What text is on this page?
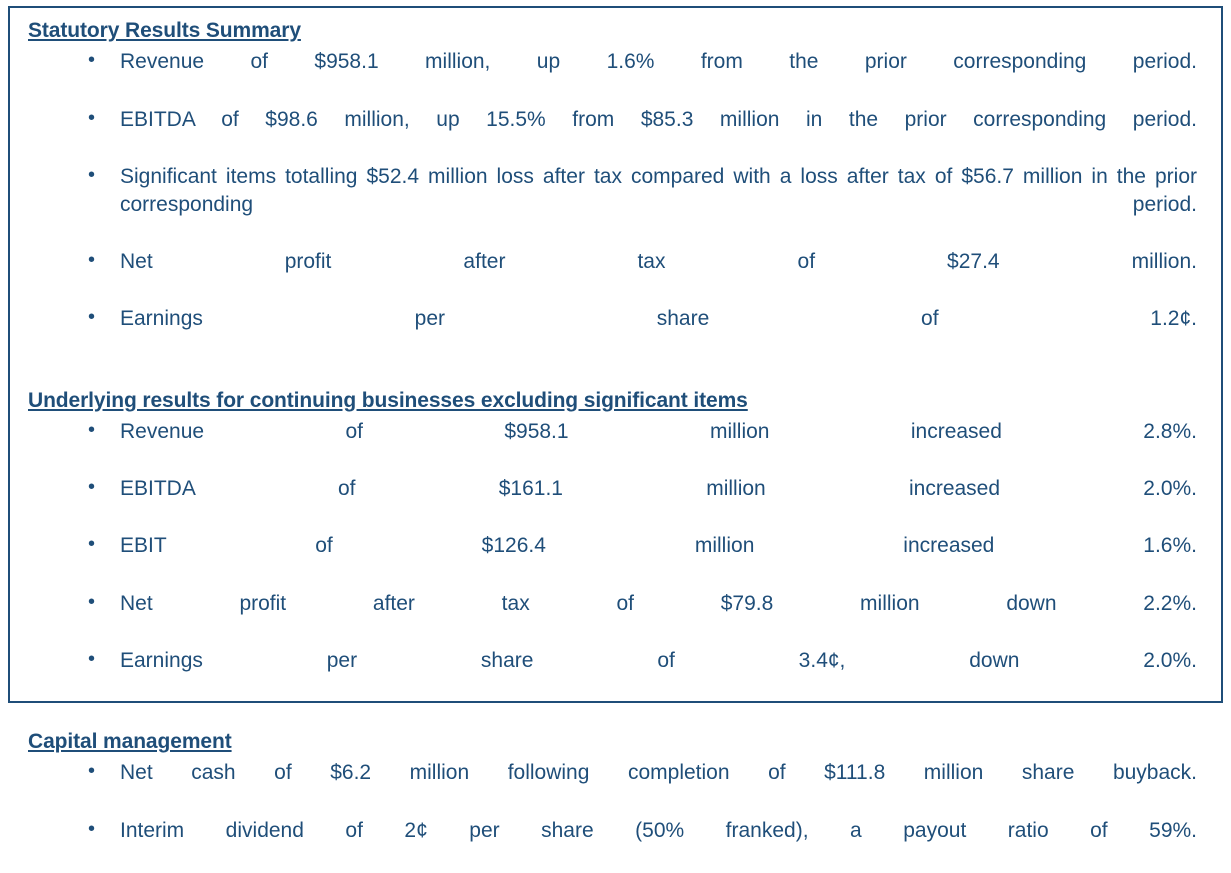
Statutory Results Summary
• Revenue of $958.1 million, up 1.6% from the prior corresponding period.
• EBITDA of $98.6 million, up 15.5% from $85.3 million in the prior corresponding period.
• Significant items totalling $52.4 million loss after tax compared with a loss after tax of $56.7 million in the prior corresponding period.
• Net profit after tax of $27.4 million.
• Earnings per share of 1.2¢.
Underlying results for continuing businesses excluding significant items
• Revenue of $958.1 million increased 2.8%.
• EBITDA of $161.1 million increased 2.0%.
• EBIT of $126.4 million increased 1.6%.
• Net profit after tax of $79.8 million down 2.2%.
• Earnings per share of 3.4¢, down 2.0%.
Capital management
• Net cash of $6.2 million following completion of $111.8 million share buyback.
• Interim dividend of 2¢ per share (50% franked), a payout ratio of 59%.
